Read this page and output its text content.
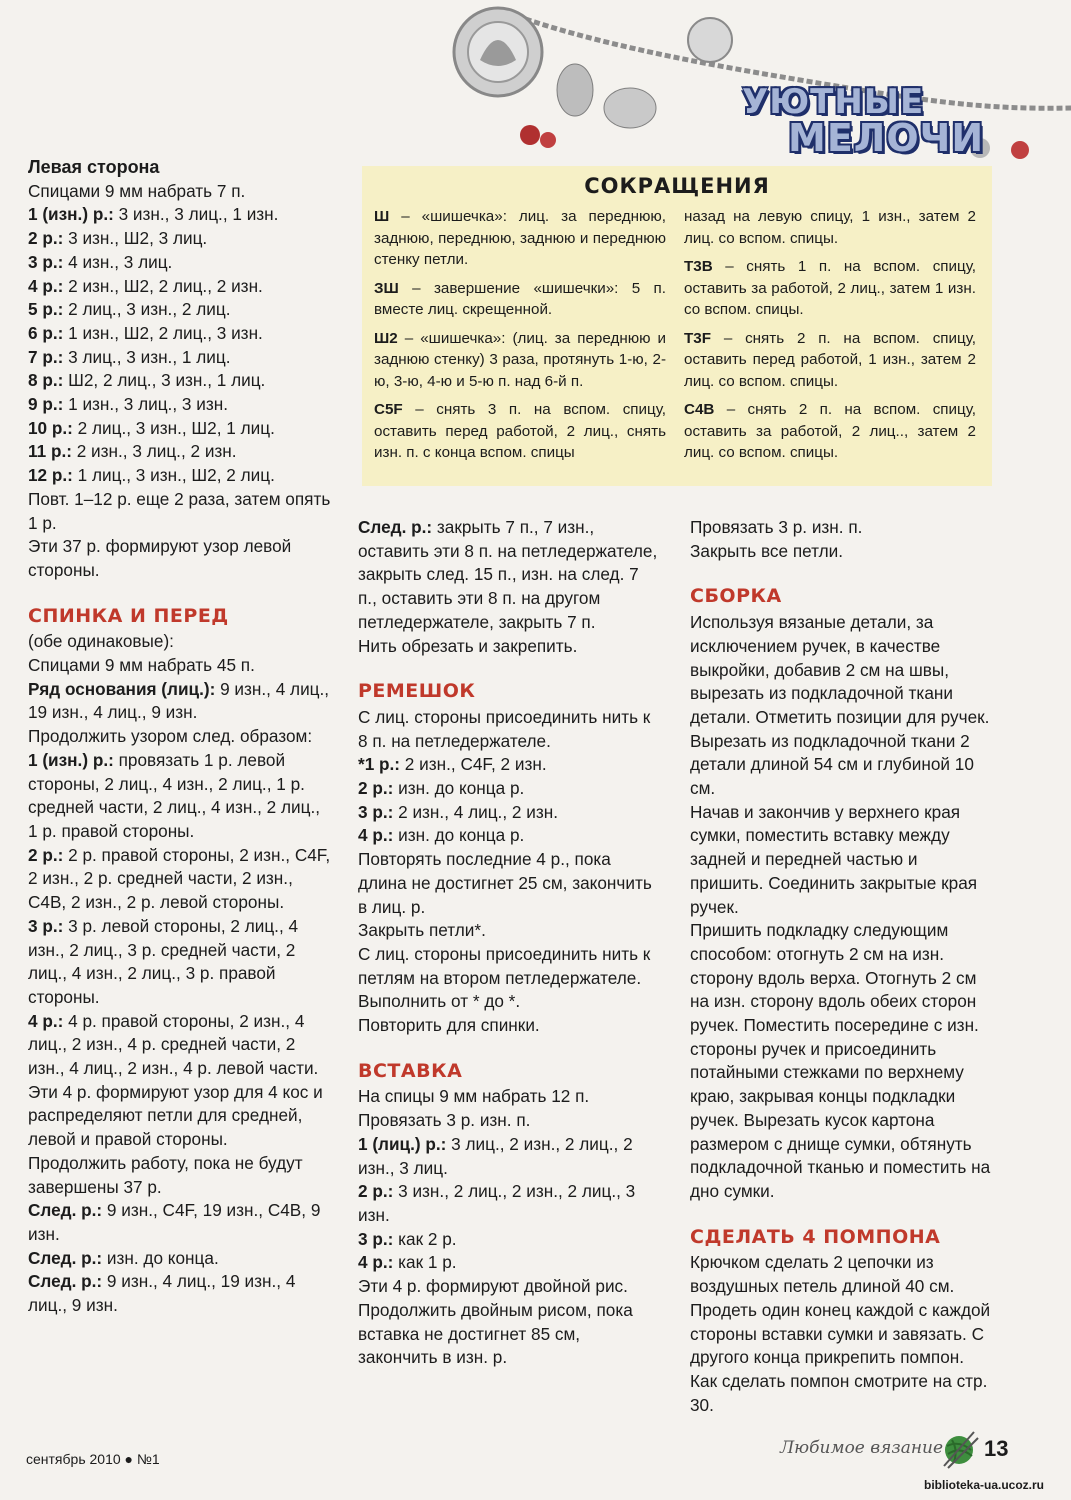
УЮТНЫЕ
МЕЛОЧИ

Левая сторона

Спицами 9 мм набрать 7 п.

1 (изн.) р.: 3 изн., 3 лиц., 1 изн.

2 р.: 3 изн., Ш2, 3 лиц.

3 р.: 4 изн., 3 лиц.

4 р.: 2 изн., Ш2, 2 лиц., 2 изн.

5 р.: 2 лиц., 3 изн., 2 лиц.

6 р.: 1 изн., Ш2, 2 лиц., 3 изн.

7 р.: 3 лиц., 3 изн., 1 лиц.

8 р.: Ш2, 2 лиц., 3 изн., 1 лиц.

9 р.: 1 изн., 3 лиц., 3 изн.

10 р.: 2 лиц., 3 изн., Ш2, 1 лиц.

11 р.: 2 изн., 3 лиц., 2 изн.

12 р.: 1 лиц., 3 изн., Ш2, 2 лиц.

Повт. 1–12 р. еще 2 раза, затем опять 1 р.

Эти 37 р. формируют узор левой стороны.

СПИНКА И ПЕРЕД

(обе одинаковые):

Спицами 9 мм набрать 45 п.

Ряд основания (лиц.): 9 изн., 4 лиц., 19 изн., 4 лиц., 9 изн.

Продолжить узором след. образом:

1 (изн.) р.: провязать 1 р. левой стороны, 2 лиц., 4 изн., 2 лиц., 1 р. средней части, 2 лиц., 4 изн., 2 лиц., 1 р. правой стороны.

2 р.: 2 р. правой стороны, 2 изн., C4F, 2 изн., 2 р. средней части, 2 изн., C4B, 2 изн., 2 р. левой стороны.

3 р.: 3 р. левой стороны, 2 лиц., 4 изн., 2 лиц., 3 р. средней части, 2 лиц., 4 изн., 2 лиц., 3 р. правой стороны.

4 р.: 4 р. правой стороны, 2 изн., 4 лиц., 2 изн., 4 р. средней части, 2 изн., 4 лиц., 2 изн., 4 р. левой части.

Эти 4 р. формируют узор для 4 кос и распределяют петли для средней, левой и правой стороны.

Продолжить работу, пока не будут завершены 37 р.

След. р.: 9 изн., C4F, 19 изн., C4B, 9 изн.

След. р.: изн. до конца.

След. р.: 9 изн., 4 лиц., 19 изн., 4 лиц., 9 изн.

СОКРАЩЕНИЯ

Ш – «шишечка»: лиц. за переднюю, заднюю, переднюю, заднюю и переднюю стенку петли.

ЗШ – завершение «шишечки»: 5 п. вместе лиц. скрещенной.

Ш2 – «шишечка»: (лиц. за переднюю и заднюю стенку) 3 раза, протянуть 1-ю, 2-ю, 3-ю, 4-ю и 5-ю п. над 6-й п.

C5F – снять 3 п. на вспом. спицу, оставить перед работой, 2 лиц., снять изн. п. с конца вспом. спицы

назад на левую спицу, 1 изн., затем 2 лиц. со вспом. спицы.

T3B – снять 1 п. на вспом. спицу, оставить за работой, 2 лиц., затем 1 изн. со вспом. спицы.

T3F – снять 2 п. на вспом. спицу, оставить перед работой, 1 изн., затем 2 лиц. со вспом. спицы.

C4B – снять 2 п. на вспом. спицу, оставить за работой, 2 лиц.., затем 2 лиц. со вспом. спицы.

След. р.: закрыть 7 п., 7 изн., оставить эти 8 п. на петледержателе, закрыть след. 15 п., изн. на след. 7 п., оставить эти 8 п. на другом петледержателе, закрыть 7 п.

Нить обрезать и закрепить.

РЕМЕШОК

С лиц. стороны присоединить нить к 8 п. на петледержателе.

*1 р.: 2 изн., C4F, 2 изн.

2 р.: изн. до конца р.

3 р.: 2 изн., 4 лиц., 2 изн.

4 р.: изн. до конца р.

Повторять последние 4 р., пока длина не достигнет 25 см, закончить в лиц. р.

Закрыть петли*.

С лиц. стороны присоединить нить к петлям на втором петледержателе.

Выполнить от * до *.

Повторить для спинки.

ВСТАВКА

На спицы 9 мм набрать 12 п.

Провязать 3 р. изн. п.

1 (лиц.) р.: 3 лиц., 2 изн., 2 лиц., 2 изн., 3 лиц.

2 р.: 3 изн., 2 лиц., 2 изн., 2 лиц., 3 изн.

3 р.: как 2 р.

4 р.: как 1 р.

Эти 4 р. формируют двойной рис.

Продолжить двойным рисом, пока вставка не достигнет 85 см, закончить в изн. р.

Провязать 3 р. изн. п.

Закрыть все петли.

СБОРКА

Используя вязаные детали, за исключением ручек, в качестве выкройки, добавив 2 см на швы, вырезать из подкладочной ткани детали. Отметить позиции для ручек. Вырезать из подкладочной ткани 2 детали длиной 54 см и глубиной 10 см.

Начав и закончив у верхнего края сумки, поместить вставку между задней и передней частью и пришить. Соединить закрытые края ручек.

Пришить подкладку следующим способом: отогнуть 2 см на изн. сторону вдоль верха. Отогнуть 2 см на изн. сторону вдоль обеих сторон ручек. Поместить посередине с изн. стороны ручек и присоединить потайными стежками по верхнему краю, закрывая концы подкладки ручек. Вырезать кусок картона размером с днище сумки, обтянуть подкладочной тканью и поместить на дно сумки.

СДЕЛАТЬ 4 ПОМПОНА

Крючком сделать 2 цепочки из воздушных петель длиной 40 см. Продеть один конец каждой с каждой стороны вставки сумки и завязать. С другого конца прикрепить помпон. Как сделать помпон смотрите на стр. 30.

сентябрь 2010 ● №1
Любимое вязание 13
biblioteka-ua.ucoz.ru
